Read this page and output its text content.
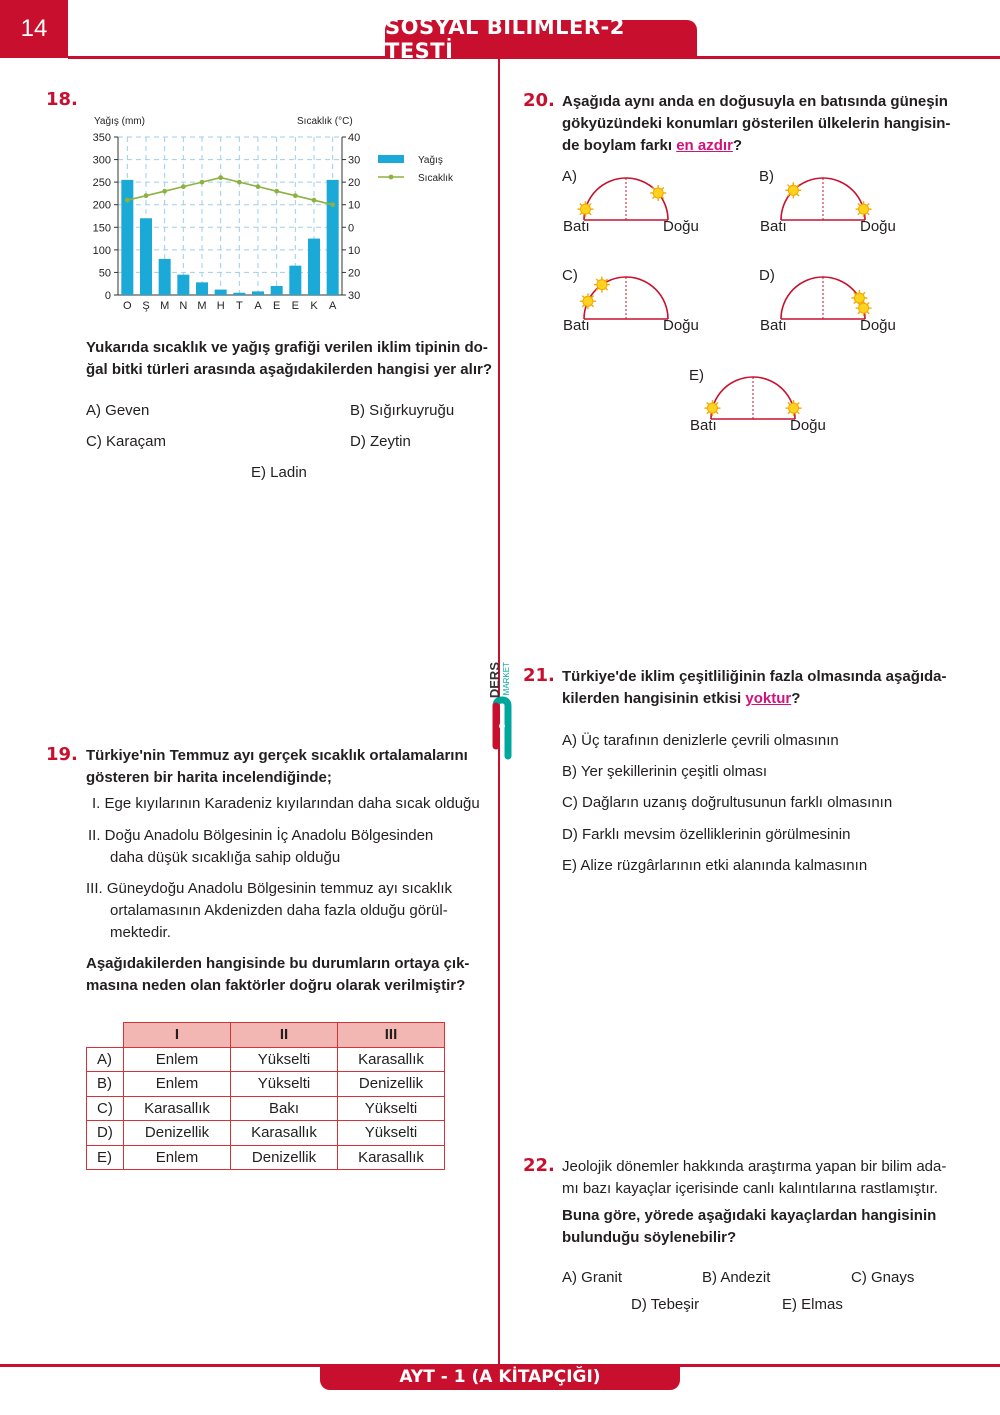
14	SOSYAL BİLİMLER-2 TESTİ
18.
350
300
250
200
150
100
50
0
40
30
20
10
0
10
20
30
Yağış (mm)	Sıcaklık (°C)
O Ş M N M H T A E E K A
Yağış
Sıcaklık
Yukarıda sıcaklık ve yağış grafiği verilen iklim tipinin do-
ğal bitki türleri arasında aşağıdakilerden hangisi yer alır?
A) Geven	B) Sığırkuyruğu
C) Karaçam	D) Zeytin
E) Ladin
19. Türkiye'nin Temmuz ayı gerçek sıcaklık ortalamalarını
gösteren bir harita incelendiğinde;
I. Ege kıyılarının Karadeniz kıyılarından daha sıcak olduğu
II. Doğu Anadolu Bölgesinin İç Anadolu Bölgesinden
daha düşük sıcaklığa sahip olduğu
III. Güneydoğu Anadolu Bölgesinin temmuz ayı sıcaklık
ortalamasının Akdenizden daha fazla olduğu görül-
mektedir.
Aşağıdakilerden hangisinde bu durumların ortaya çık-
masına neden olan faktörler doğru olarak verilmiştir?
	I	II	III
A)	Enlem	Yükselti	Karasallık
B)	Enlem	Yükselti	Denizellik
C)	Karasallık	Bakı	Yükselti
D)	Denizellik	Karasallık	Yükselti
E)	Enlem	Denizellik	Karasallık
20. Aşağıda aynı anda en doğusuyla en batısında güneşin
gökyüzündeki konumları gösterilen ülkelerin hangisin-
de boylam farkı en azdır?
A)
Batı	Doğu
B)
Batı	Doğu
C)
Batı	Doğu
D)
Batı	Doğu
E)
Batı	Doğu
21. Türkiye'de iklim çeşitliliğinin fazla olmasında aşağıda-
kilerden hangisinin etkisi yoktur?
A) Üç tarafının denizlerle çevrili olmasının
B) Yer şekillerinin çeşitli olması
C) Dağların uzanış doğrultusunun farklı olmasının
D) Farklı mevsim özelliklerinin görülmesinin
E) Alize rüzgârlarının etki alanında kalmasının
22. Jeolojik dönemler hakkında araştırma yapan bir bilim ada-
mı bazı kayaçlar içerisinde canlı kalıntılarına rastlamıştır.
Buna göre, yörede aşağıdaki kayaçlardan hangisinin
bulunduğu söylenebilir?
A) Granit	B) Andezit	C) Gnays
D) Tebeşir	E) Elmas
DERS MARKET
AYT - 1 (A KİTAPÇIĞI)
